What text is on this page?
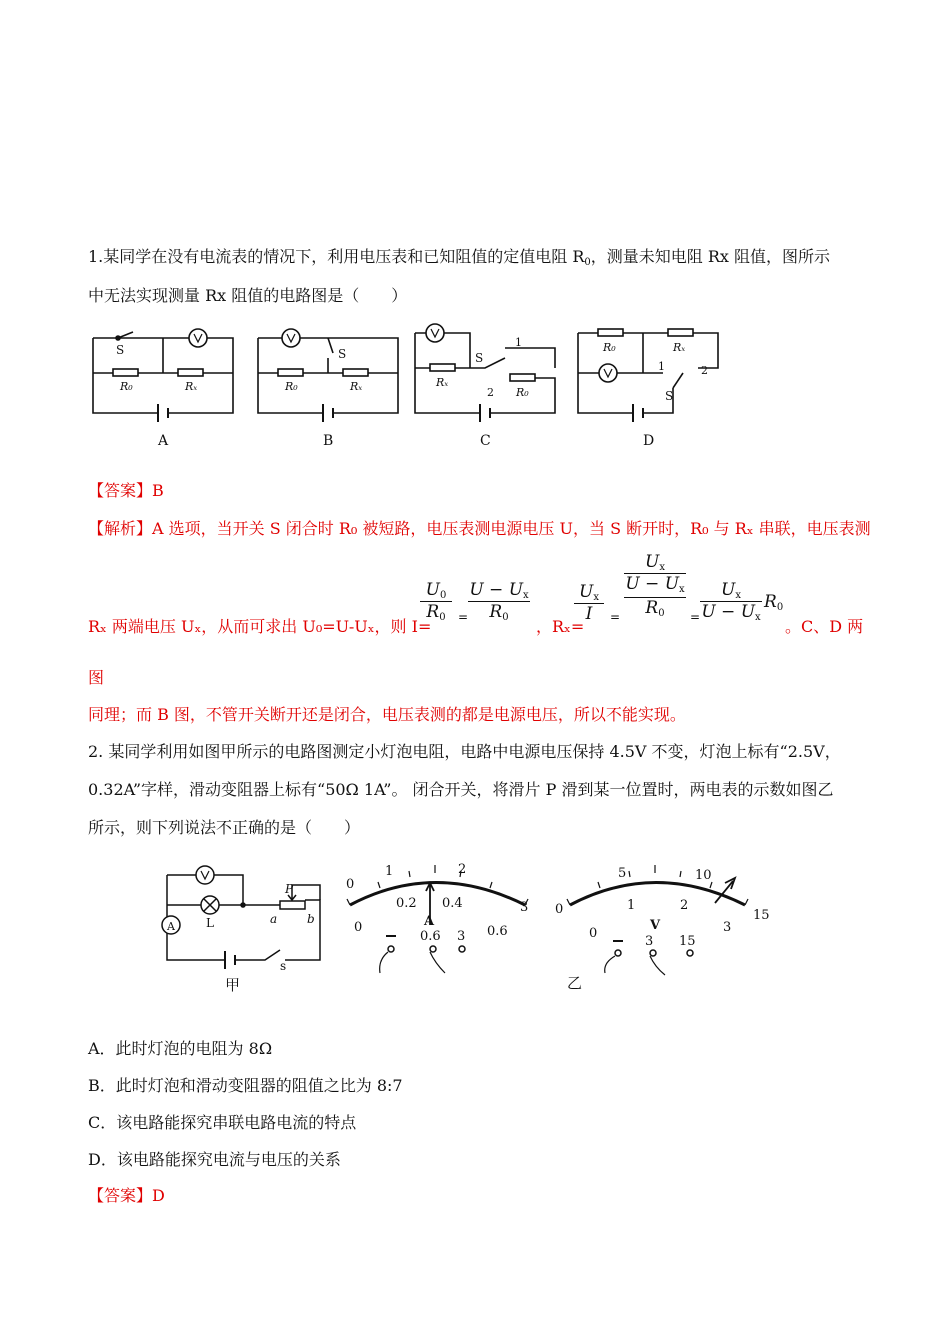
1.某同学在没有电流表的情况下，利用电压表和已知阻值的定值电阻 $R_0$，测量未知电阻 Rx 阻值，图所示
中无法实现测量 Rx 阻值的电路图是（　　）
S
R₀	Rₓ
A
S
R₀	Rₓ
B
S
1
2
Rₓ
R₀
C
1	2
S
R₀	Rₓ
D
【答案】B
【解析】A 选项，当开关 S 闭合时 R₀ 被短路，电压表测电源电压 U，当 S 断开时，R₀ 与 Rₓ 串联，电压表测
$\frac{U_0}{R_0} = \frac{U - U_x}{R_0}$	$\frac{U_x}{I}$ =
$U_x$
$U - U_x$
$R_0$	= $\frac{U_x}{U - U_x} R_0$
Rₓ 两端电压 Uₓ，从而可求出 U₀=U-Uₓ，则 I=	，Rₓ=	。C、D 两
图
同理；而 B 图，不管开关断开还是闭合，电压表测的都是电源电压，所以不能实现。
2. 某同学利用如图甲所示的电路图测定小灯泡电阻，电路中电源电压保持 4.5V 不变，灯泡上标有“2.5V，
0.32A”字样，滑动变阻器上标有“50Ω 1A”。 闭合开关，将滑片 P 滑到某一位置时，两电表的示数如图乙
所示，则下列说法不正确的是（　　）
A	L
P
a b
s
甲
0
1	2
3
0
0.2 0.4
0.6
A
0.6 3
0
5	10
15
0
1	2
3
V
3 15
乙
A．此时灯泡的电阻为 8Ω
B．此时灯泡和滑动变阻器的阻值之比为 8:7
C．该电路能探究串联电路电流的特点
D．该电路能探究电流与电压的关系
【答案】D
